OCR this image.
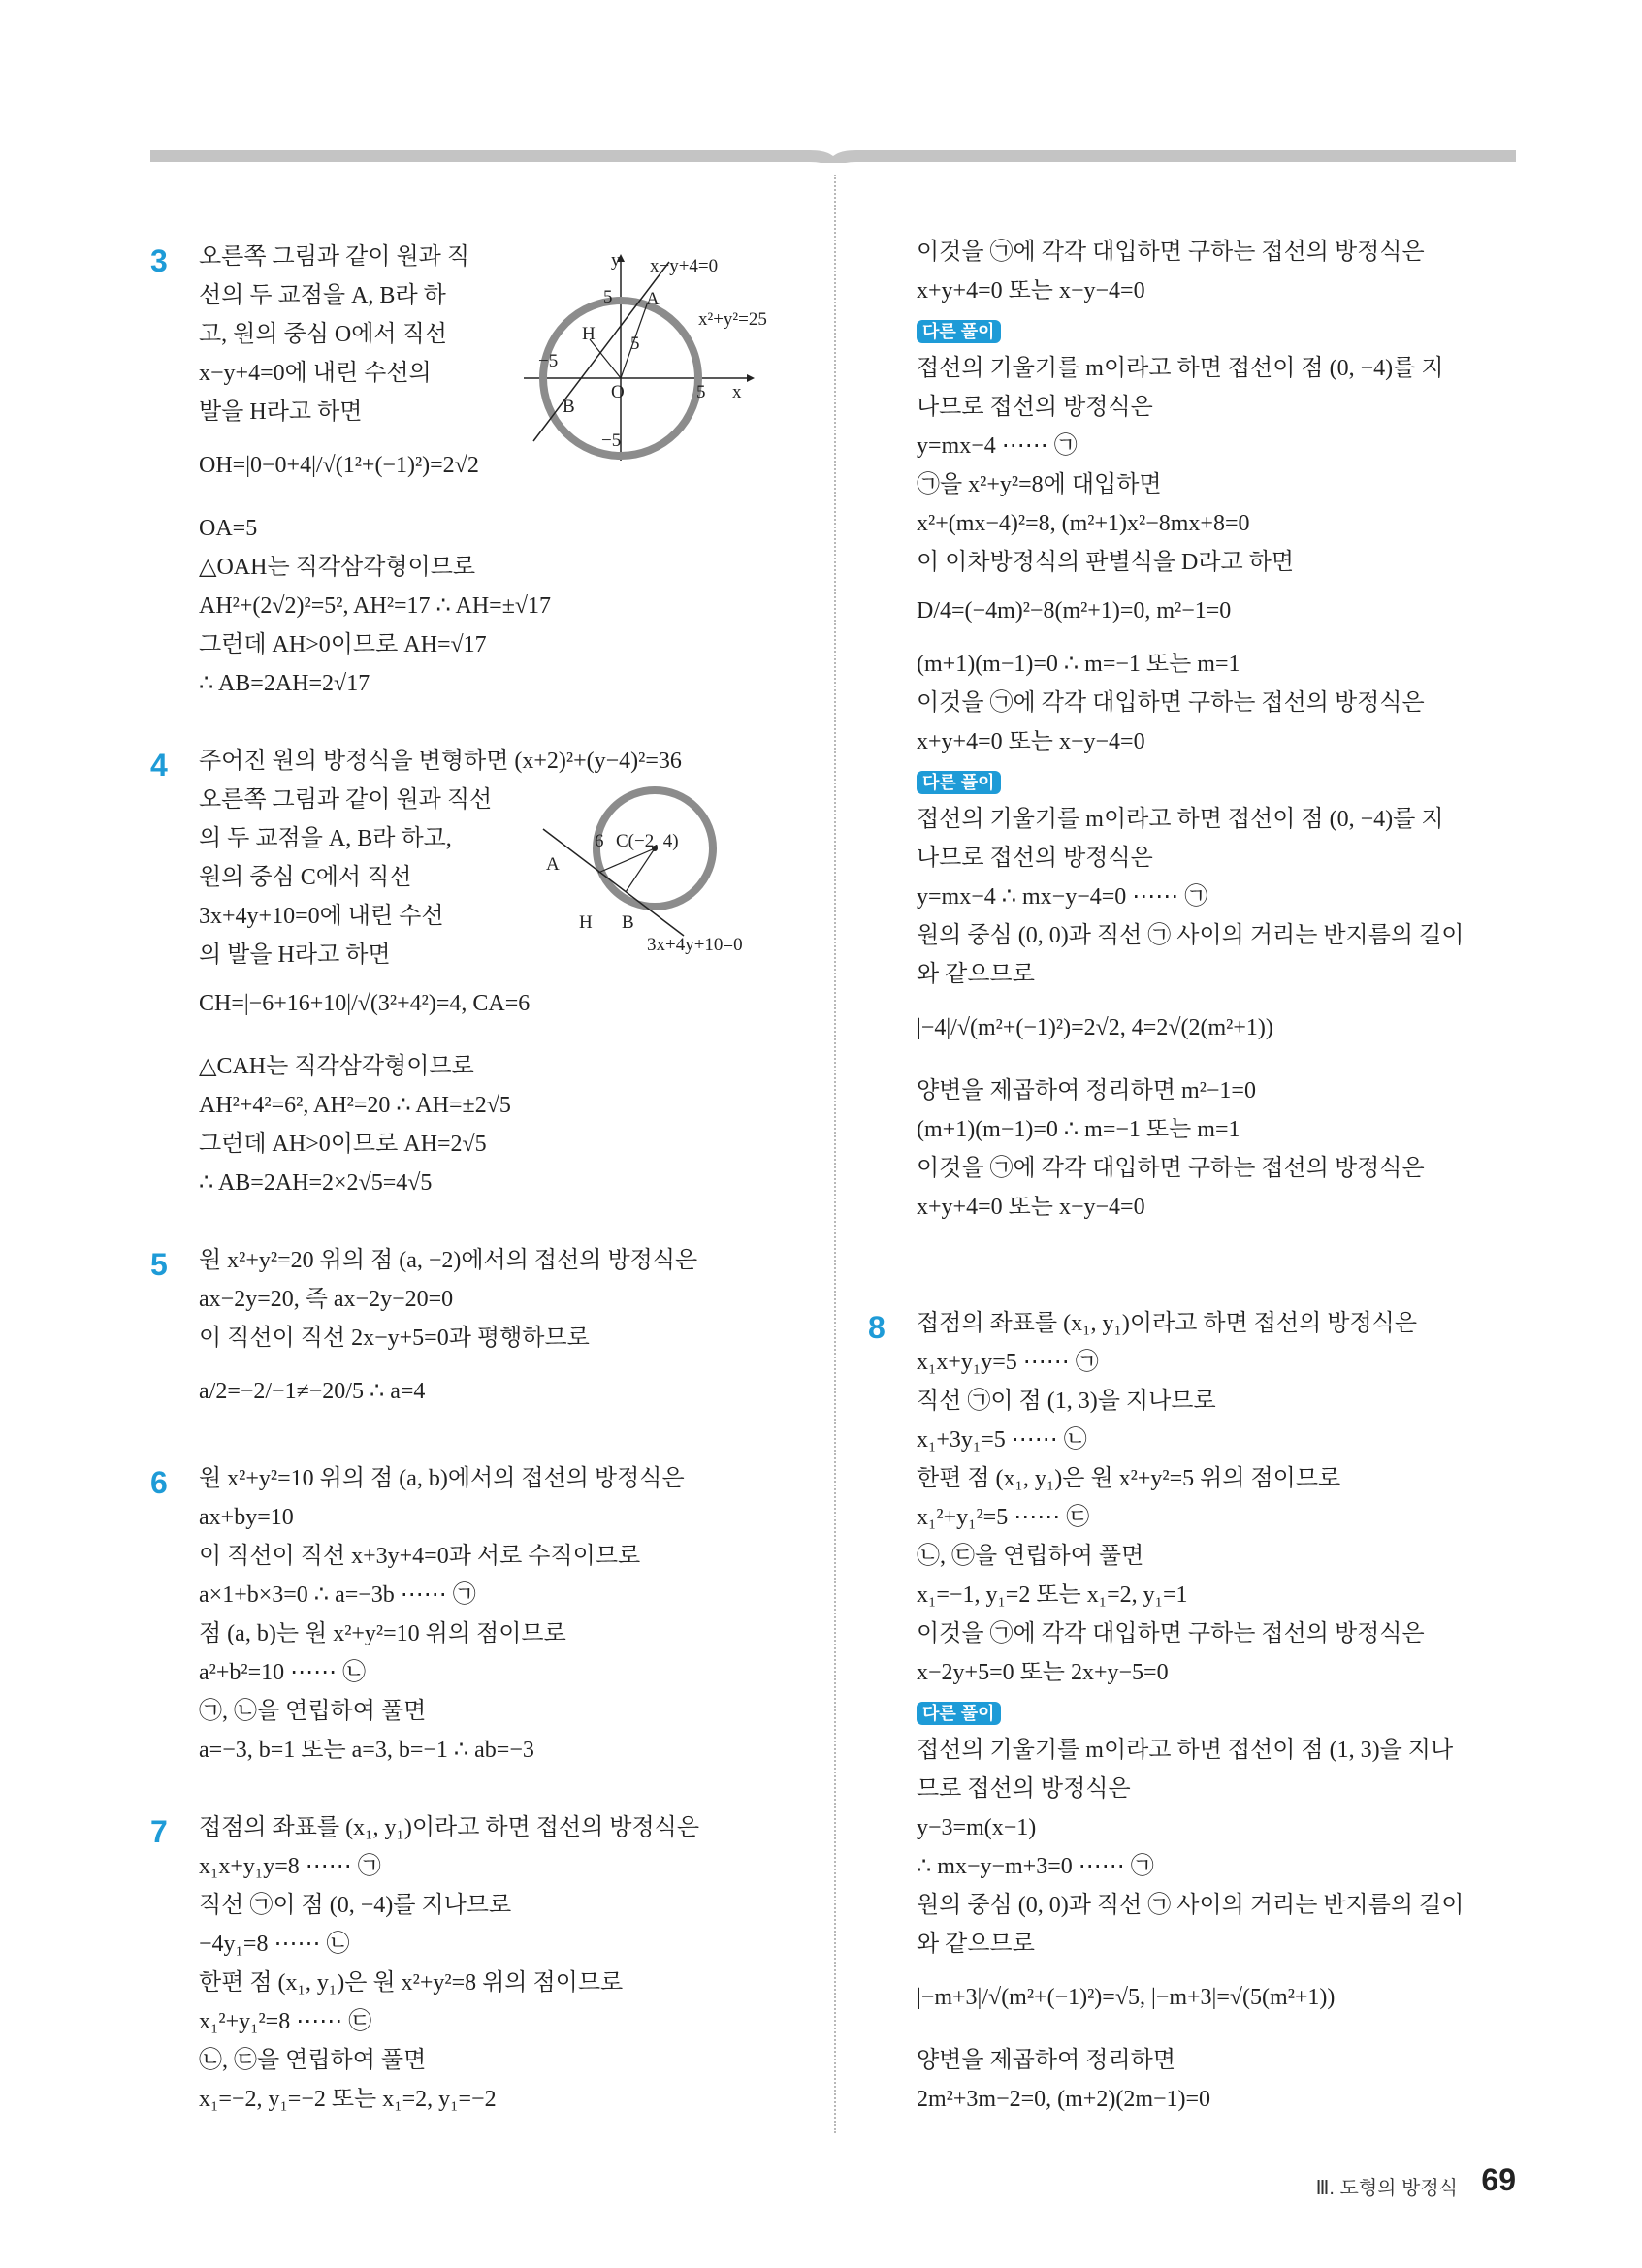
3 오른쪽 그림과 같이 원과 직
선의 두 교점을 A, B라 하
고, 원의 중심 O에서 직선
x−y+4=0에 내린 수선의
발을 H라고 하면
OH=|0−0+4|/√(1²+(−1)²)=2√2
OA=5
△OAH는 직각삼각형이므로
AH²+(2√2)²=5², AH²=17 ∴ AH=±√17
그런데 AH>0이므로 AH=√17
∴ AB=2AH=2√17
y x−y+4=0
x²+y²=25
5 A
H 5
−5
O	5 x
B
−5
4 주어진 원의 방정식을 변형하면 (x+2)²+(y−4)²=36
오른쪽 그림과 같이 원과 직선
의 두 교점을 A, B라 하고,
원의 중심 C에서 직선
3x+4y+10=0에 내린 수선
의 발을 H라고 하면
CH=|−6+16+10|/√(3²+4²)=4, CA=6
△CAH는 직각삼각형이므로
AH²+4²=6², AH²=20 ∴ AH=±2√5
그런데 AH>0이므로 AH=2√5
∴ AB=2AH=2×2√5=4√5
6 C(−2, 4)
A
H B
3x+4y+10=0
5 원 x²+y²=20 위의 점 (a, −2)에서의 접선의 방정식은
ax−2y=20, 즉 ax−2y−20=0
이 직선이 직선 2x−y+5=0과 평행하므로
a/2=−2/−1≠−20/5 ∴ a=4
6 원 x²+y²=10 위의 점 (a, b)에서의 접선의 방정식은
ax+by=10
이 직선이 직선 x+3y+4=0과 서로 수직이므로
a×1+b×3=0 ∴ a=−3b ⋯⋯ ㉠
점 (a, b)는 원 x²+y²=10 위의 점이므로
a²+b²=10 ⋯⋯ ㉡
㉠, ㉡을 연립하여 풀면
a=−3, b=1 또는 a=3, b=−1 ∴ ab=−3
7 접점의 좌표를 (x₁, y₁)이라고 하면 접선의 방정식은
x₁x+y₁y=8 ⋯⋯ ㉠
직선 ㉠이 점 (0, −4)를 지나므로
−4y₁=8 ⋯⋯ ㉡
한편 점 (x₁, y₁)은 원 x²+y²=8 위의 점이므로
x₁²+y₁²=8 ⋯⋯ ㉢
㉡, ㉢을 연립하여 풀면
x₁=−2, y₁=−2 또는 x₁=2, y₁=−2
이것을 ㉠에 각각 대입하면 구하는 접선의 방정식은
x+y+4=0 또는 x−y−4=0
다른 풀이
접선의 기울기를 m이라고 하면 접선이 점 (0, −4)를 지
나므로 접선의 방정식은
y=mx−4 ⋯⋯ ㉠
㉠을 x²+y²=8에 대입하면
x²+(mx−4)²=8, (m²+1)x²−8mx+8=0
이 이차방정식의 판별식을 D라고 하면
D/4=(−4m)²−8(m²+1)=0, m²−1=0
(m+1)(m−1)=0 ∴ m=−1 또는 m=1
이것을 ㉠에 각각 대입하면 구하는 접선의 방정식은
x+y+4=0 또는 x−y−4=0
다른 풀이
접선의 기울기를 m이라고 하면 접선이 점 (0, −4)를 지
나므로 접선의 방정식은
y=mx−4 ∴ mx−y−4=0 ⋯⋯ ㉠
원의 중심 (0, 0)과 직선 ㉠ 사이의 거리는 반지름의 길이
와 같으므로
|−4|/√(m²+(−1)²)=2√2, 4=2√(2(m²+1))
양변을 제곱하여 정리하면 m²−1=0
(m+1)(m−1)=0 ∴ m=−1 또는 m=1
이것을 ㉠에 각각 대입하면 구하는 접선의 방정식은
x+y+4=0 또는 x−y−4=0
8 접점의 좌표를 (x₁, y₁)이라고 하면 접선의 방정식은
x₁x+y₁y=5 ⋯⋯ ㉠
직선 ㉠이 점 (1, 3)을 지나므로
x₁+3y₁=5 ⋯⋯ ㉡
한편 점 (x₁, y₁)은 원 x²+y²=5 위의 점이므로
x₁²+y₁²=5 ⋯⋯ ㉢
㉡, ㉢을 연립하여 풀면
x₁=−1, y₁=2 또는 x₁=2, y₁=1
이것을 ㉠에 각각 대입하면 구하는 접선의 방정식은
x−2y+5=0 또는 2x+y−5=0
다른 풀이
접선의 기울기를 m이라고 하면 접선이 점 (1, 3)을 지나
므로 접선의 방정식은
y−3=m(x−1)
∴ mx−y−m+3=0 ⋯⋯ ㉠
원의 중심 (0, 0)과 직선 ㉠ 사이의 거리는 반지름의 길이
와 같으므로
|−m+3|/√(m²+(−1)²)=√5, |−m+3|=√(5(m²+1))
양변을 제곱하여 정리하면
2m²+3m−2=0, (m+2)(2m−1)=0
Ⅲ. 도형의 방정식 69
